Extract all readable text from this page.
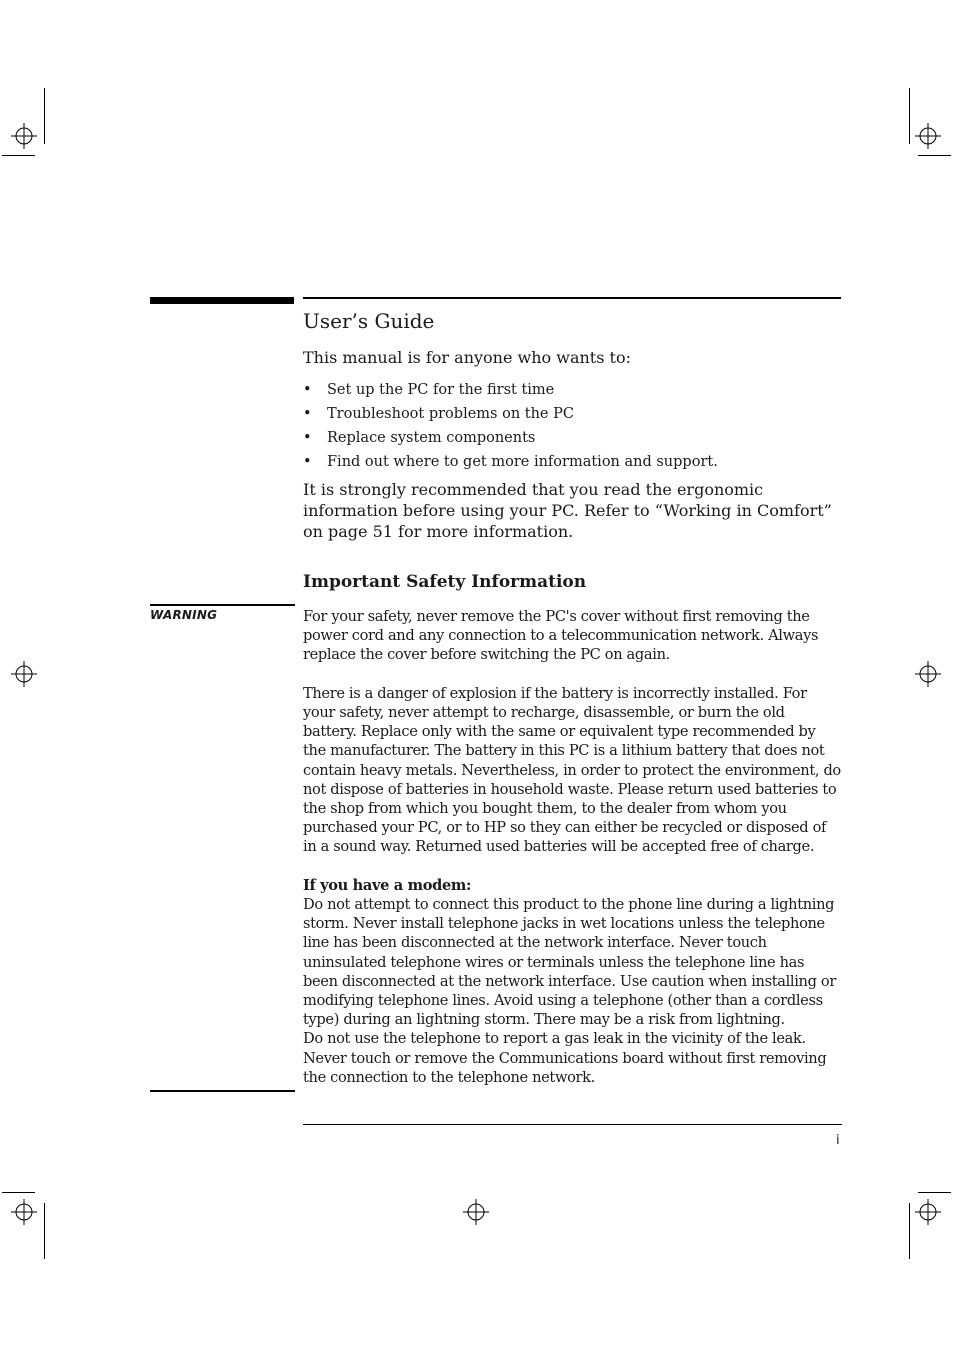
User’s Guide

This manual is for anyone who wants to:

• Set up the PC for the first time
• Troubleshoot problems on the PC
• Replace system components
• Find out where to get more information and support.

It is strongly recommended that you read the ergonomic information before using your PC. Refer to “Working in Comfort” on page 51 for more information.

Important Safety Information
WARNING	For your safety, never remove the PC's cover without first removing the power cord and any connection to a telecommunication network. Always replace the cover before switching the PC on again.

There is a danger of explosion if the battery is incorrectly installed. For your safety, never attempt to recharge, disassemble, or burn the old battery. Replace only with the same or equivalent type recommended by the manufacturer. The battery in this PC is a lithium battery that does not contain heavy metals. Nevertheless, in order to protect the environment, do not dispose of batteries in household waste. Please return used batteries to the shop from which you bought them, to the dealer from whom you purchased your PC, or to HP so they can either be recycled or disposed of in a sound way. Returned used batteries will be accepted free of charge.

If you have a modem:
Do not attempt to connect this product to the phone line during a lightning storm. Never install telephone jacks in wet locations unless the telephone line has been disconnected at the network interface. Never touch uninsulated telephone wires or terminals unless the telephone line has been disconnected at the network interface. Use caution when installing or modifying telephone lines. Avoid using a telephone (other than a cordless type) during an lightning storm. There may be a risk from lightning.
Do not use the telephone to report a gas leak in the vicinity of the leak. Never touch or remove the Communications board without first removing the connection to the telephone network.

i
